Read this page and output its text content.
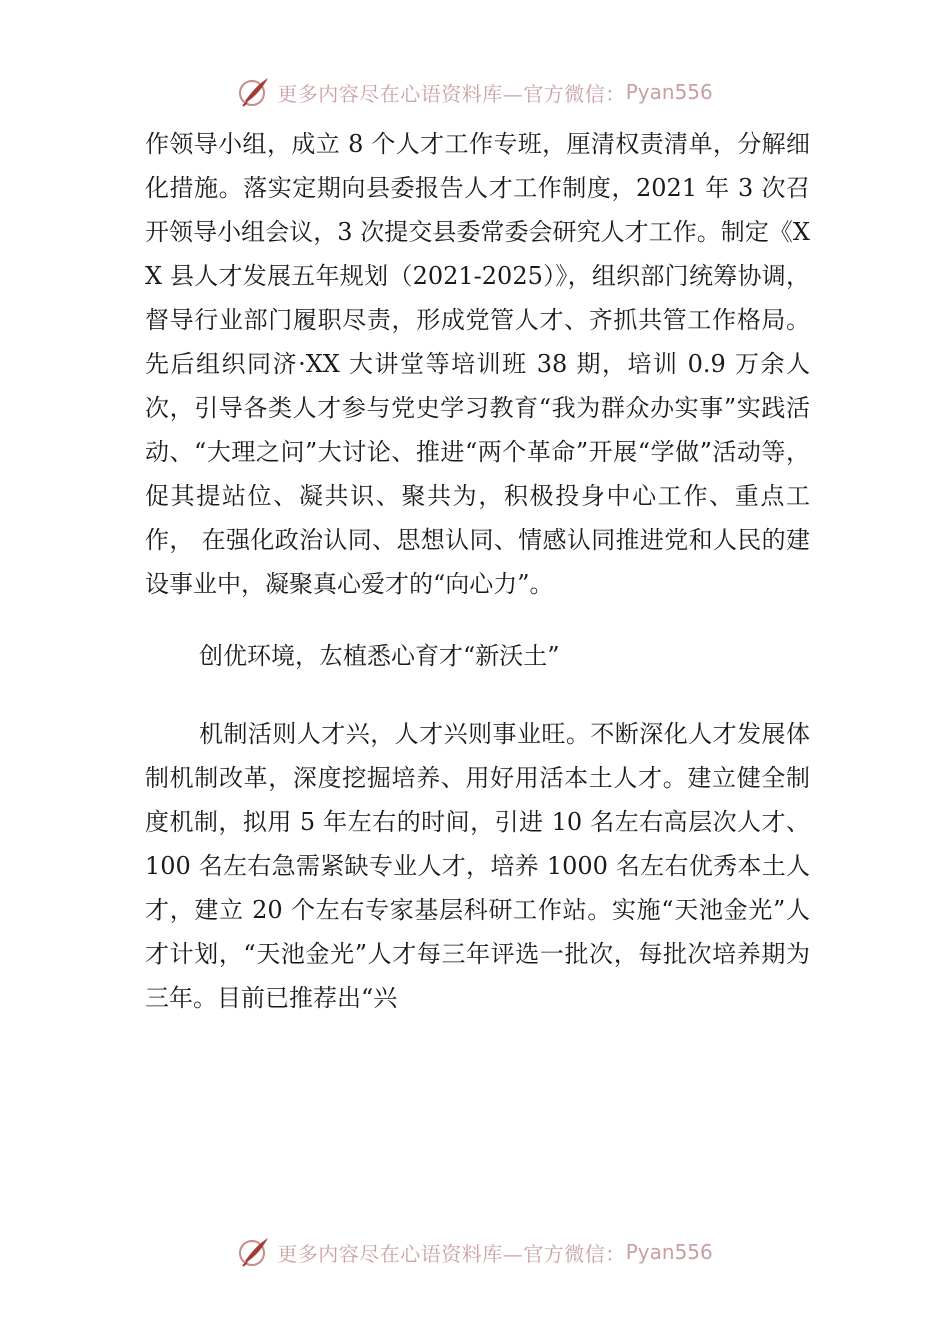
更多内容尽在心语资料库—官方微信： Pyan556

作领导小组，成立 8 个人才工作专班，厘清权责清单，分解细化措施。落实定期向县委报告人才工作制度，2021 年 3 次召开领导小组会议，3 次提交县委常委会研究人才工作。制定《XX 县人才发展五年规划（2021-2025）》，组织部门统筹协调，督导行业部门履职尽责，形成党管人才、齐抓共管工作格局。先后组织同济·XX 大讲堂等培训班 38 期，培训 0.9 万余人次，引导各类人才参与党史学习教育“我为群众办实事”实践活动、“大理之问”大讨论、推进“两个革命”开展“学做”活动等，促其提站位、凝共识、聚共为，积极投身中心工作、重点工作， 在强化政治认同、思想认同、情感认同推进党和人民的建设事业中，凝聚真心爱才的“向心力”。

创优环境，厷植悉心育才“新沃土”

机制活则人才兴，人才兴则事业旺。不断深化人才发展体制机制改革，深度挖掘培养、用好用活本土人才。建立健全制度机制，拟用 5 年左右的时间，引进 10 名左右高层次人才、100 名左右急需紧缺专业人才，培养 1000 名左右优秀本土人才，建立 20 个左右专家基层科研工作站。实施“天池金光”人才计划，“天池金光”人才每三年评选一批次，每批次培养期为三年。目前已推荐出“兴

更多内容尽在心语资料库—官方微信： Pyan556
